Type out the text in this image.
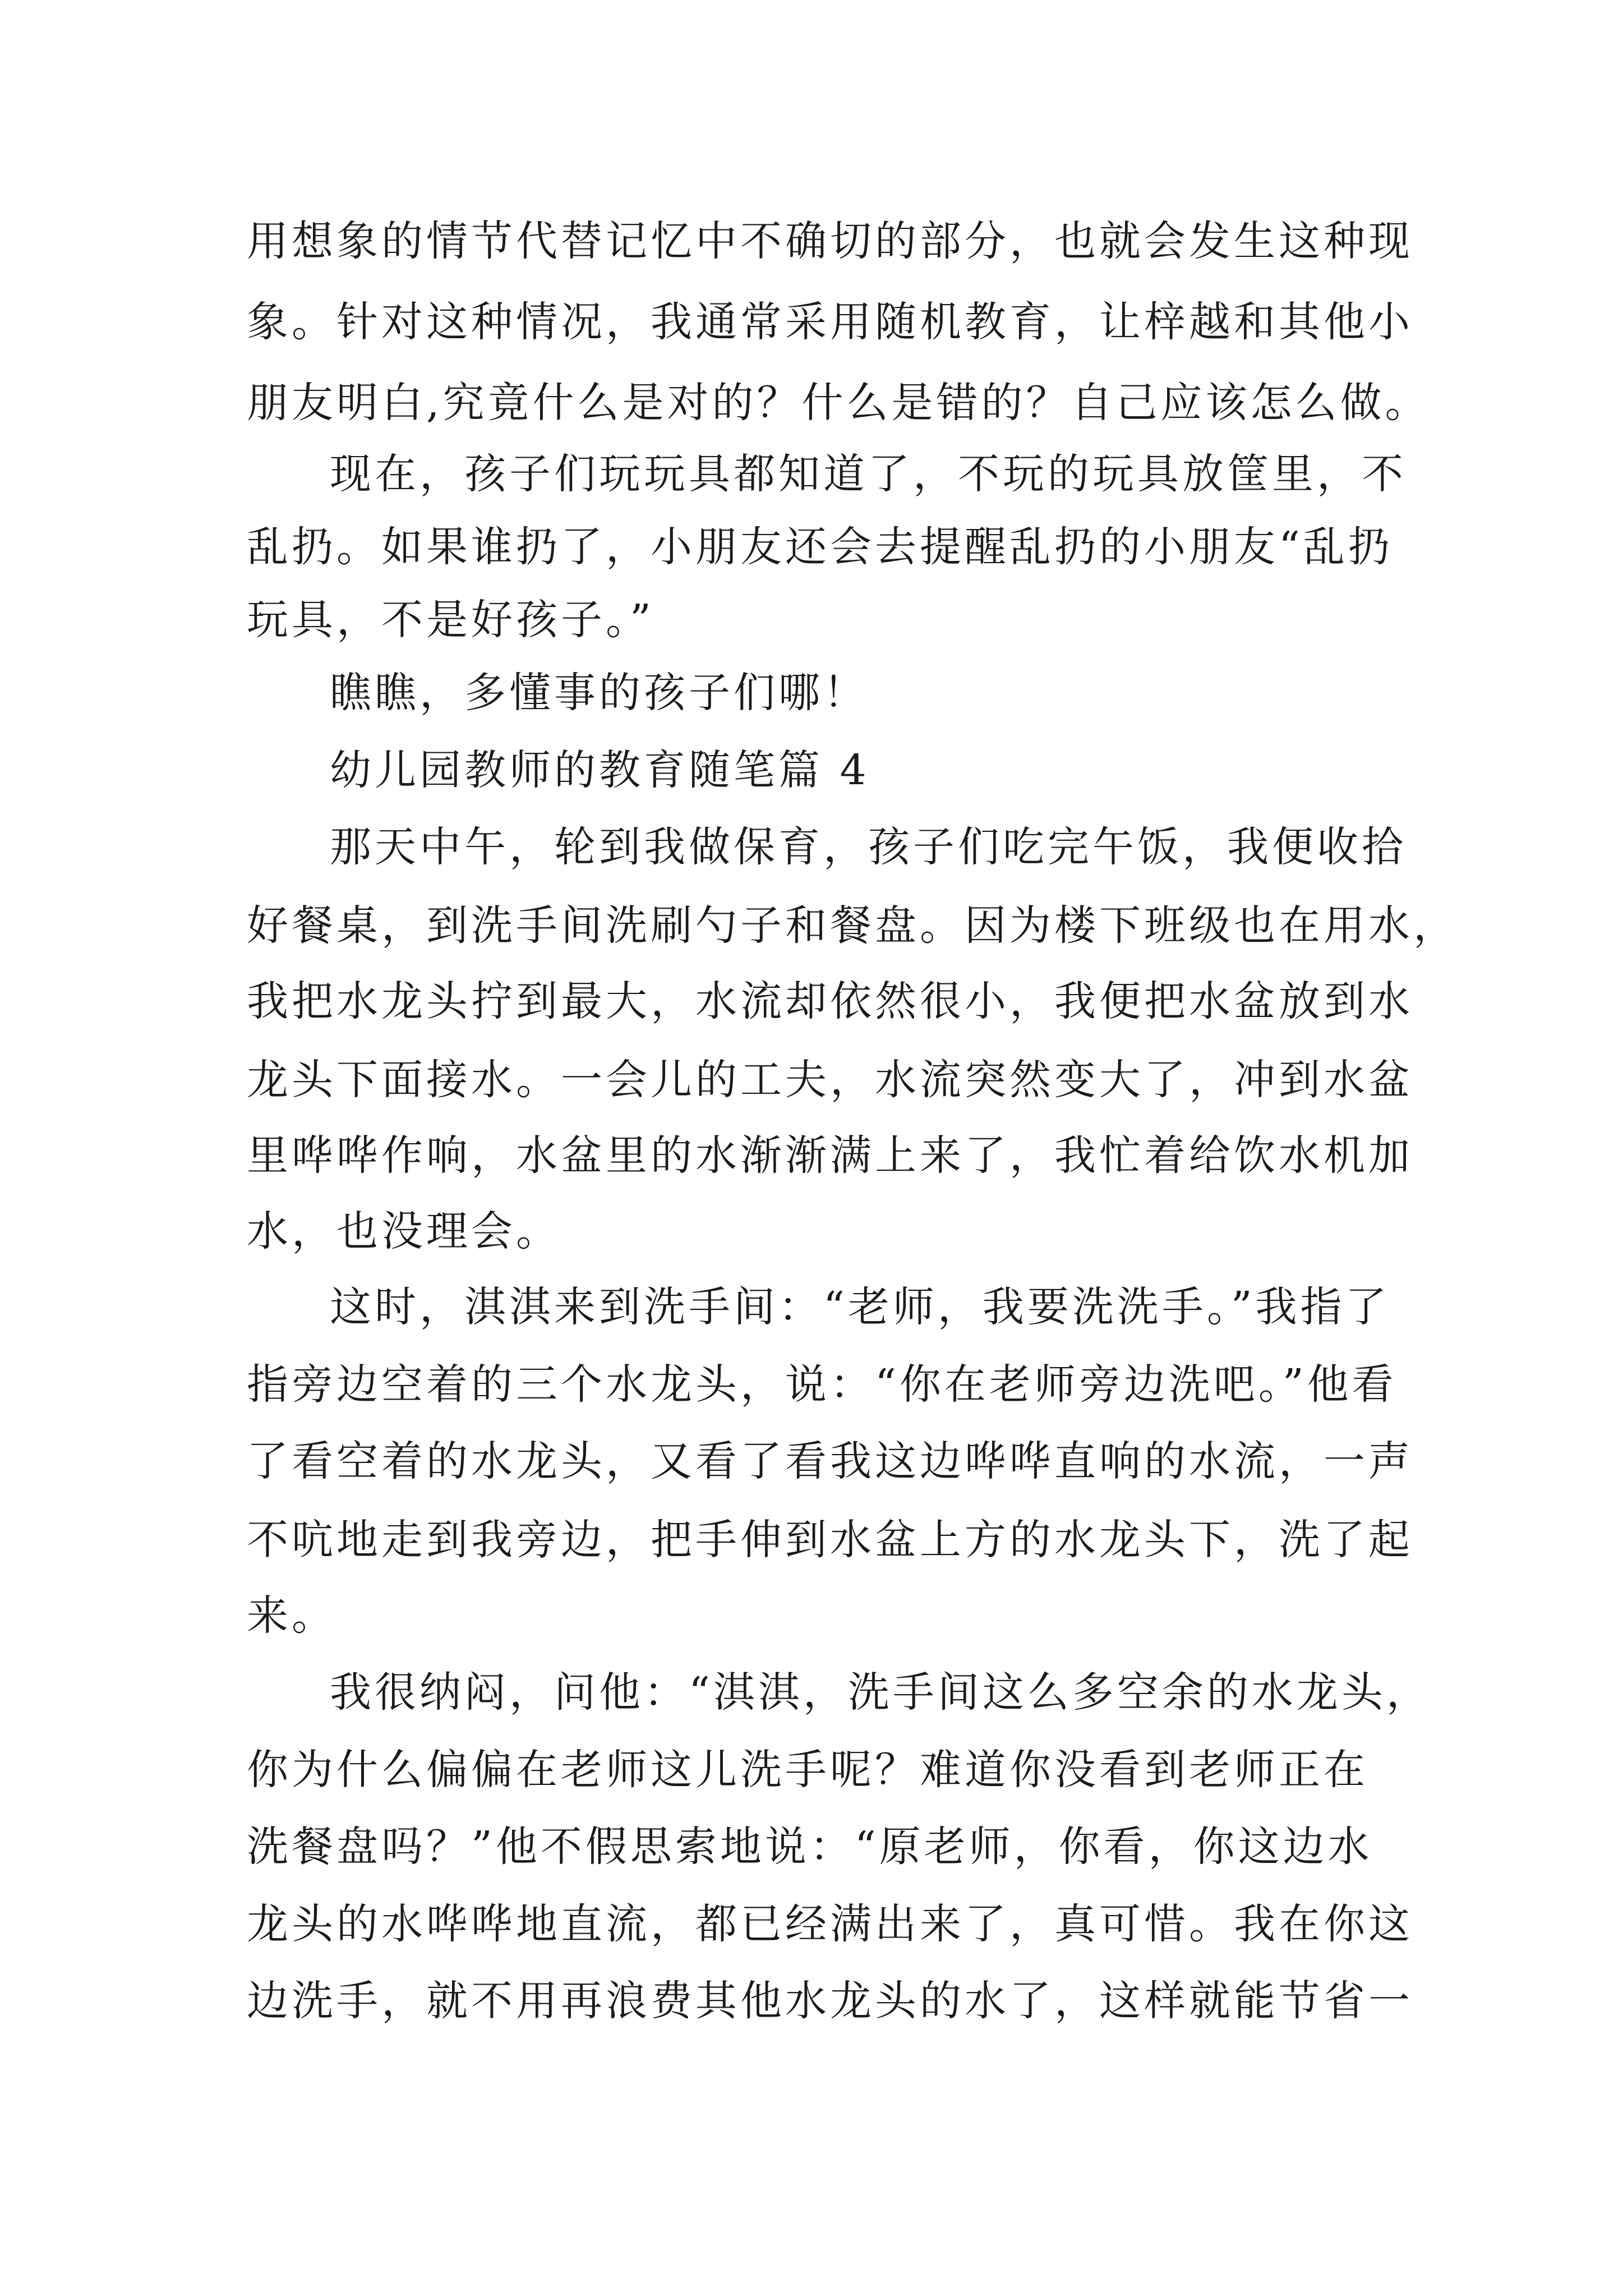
用想象的情节代替记忆中不确切的部分，也就会发生这种现

象。针对这种情况，我通常采用随机教育，让梓越和其他小

朋友明白,究竟什么是对的？什么是错的？自己应该怎么做。

现在，孩子们玩玩具都知道了，不玩的玩具放筐里，不

乱扔。如果谁扔了，小朋友还会去提醒乱扔的小朋友“乱扔

玩具，不是好孩子。”

瞧瞧，多懂事的孩子们哪！

幼儿园教师的教育随笔篇 4

那天中午，轮到我做保育，孩子们吃完午饭，我便收拾

好餐桌，到洗手间洗刷勺子和餐盘。因为楼下班级也在用水，

我把水龙头拧到最大，水流却依然很小，我便把水盆放到水

龙头下面接水。一会儿的工夫，水流突然变大了，冲到水盆

里哗哗作响，水盆里的水渐渐满上来了，我忙着给饮水机加

水，也没理会。

这时，淇淇来到洗手间：“老师，我要洗洗手。”我指了

指旁边空着的三个水龙头，说：“你在老师旁边洗吧。”他看

了看空着的水龙头，又看了看我这边哗哗直响的水流，一声

不吭地走到我旁边，把手伸到水盆上方的水龙头下，洗了起

来。

我很纳闷，问他：“淇淇，洗手间这么多空余的水龙头，

你为什么偏偏在老师这儿洗手呢？难道你没看到老师正在

洗餐盘吗？”他不假思索地说：“原老师，你看，你这边水

龙头的水哗哗地直流，都已经满出来了，真可惜。我在你这

边洗手，就不用再浪费其他水龙头的水了，这样就能节省一
